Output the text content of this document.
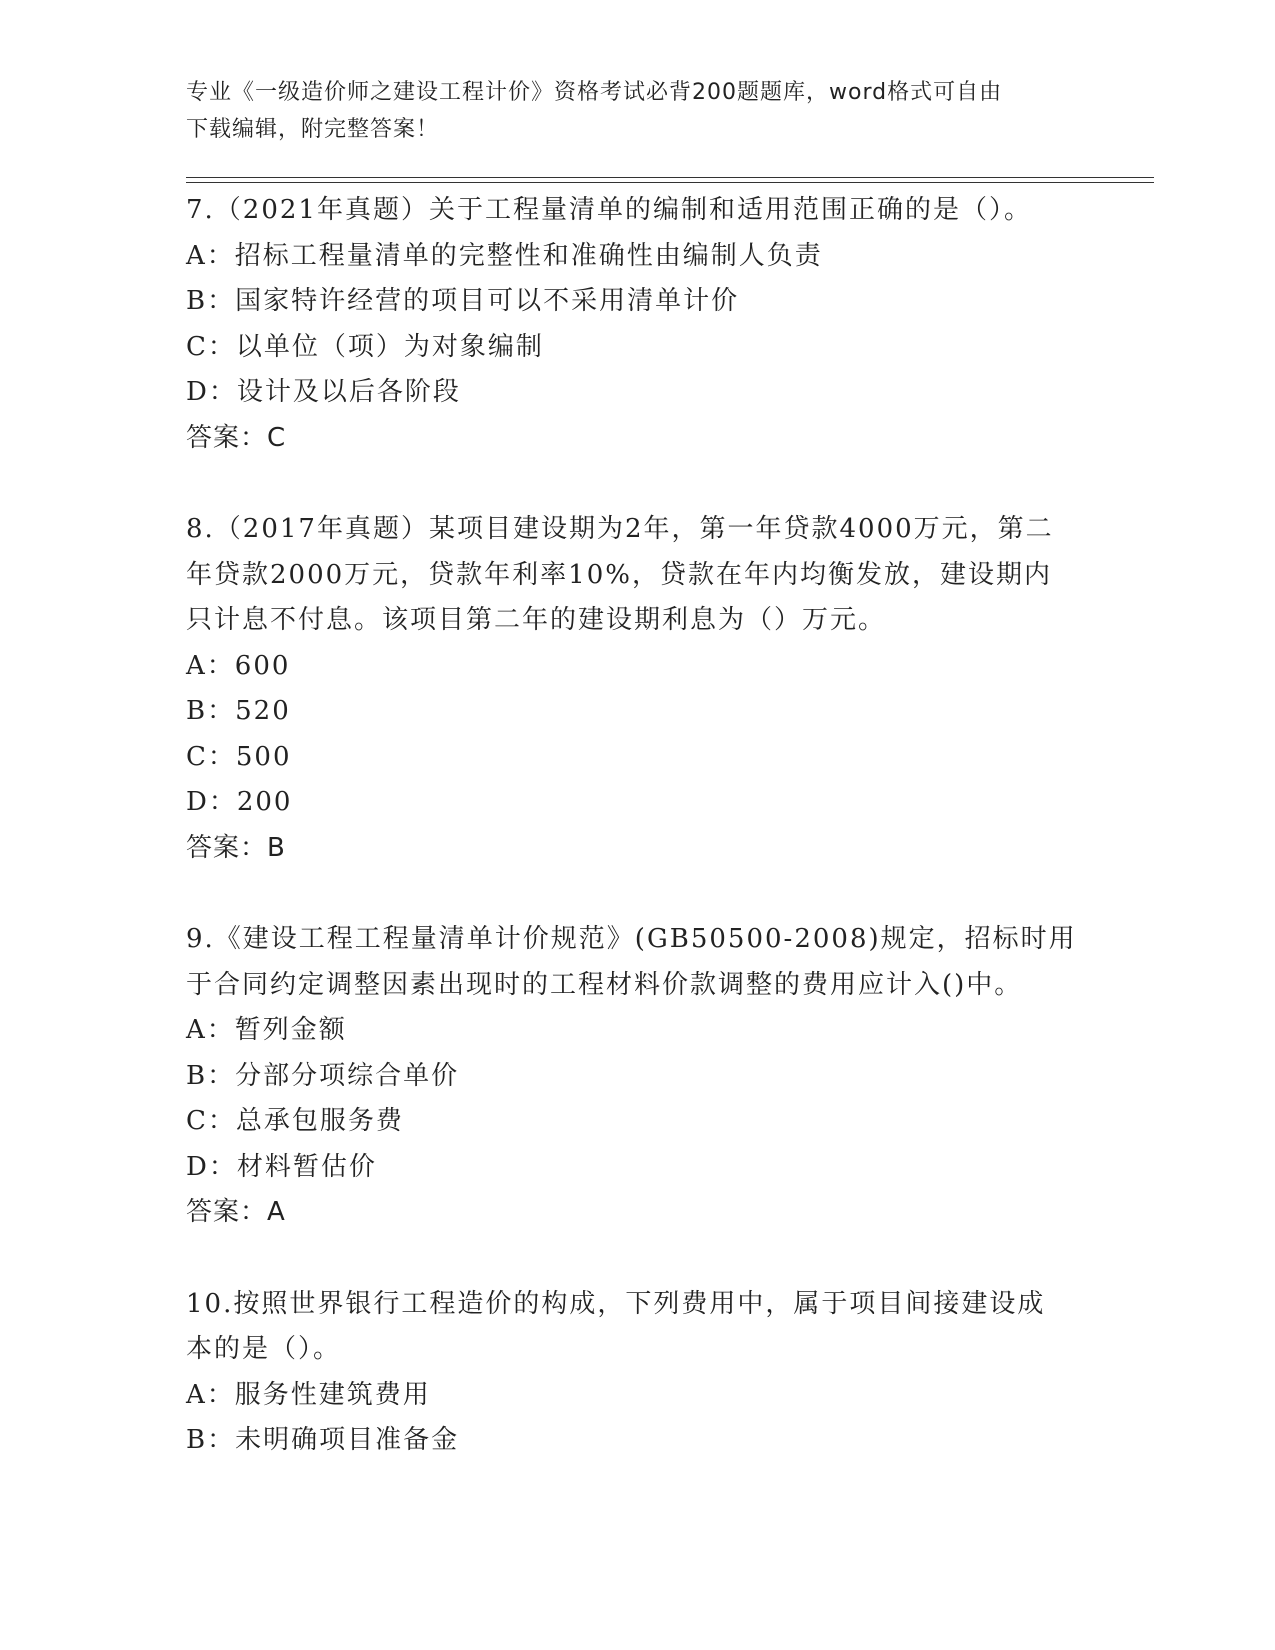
专业《一级造价师之建设工程计价》资格考试必背200题题库，word格式可自由
下载编辑，附完整答案！

7.（2021年真题）关于工程量清单的编制和适用范围正确的是（）。

A：招标工程量清单的完整性和准确性由编制人负责

B：国家特许经营的项目可以不采用清单计价

C：以单位（项）为对象编制

D：设计及以后各阶段

答案：C

8.（2017年真题）某项目建设期为2年，第一年贷款4000万元，第二

年贷款2000万元，贷款年利率10%，贷款在年内均衡发放，建设期内

只计息不付息。该项目第二年的建设期利息为（）万元。

A：600

B：520

C：500

D：200

答案：B

9.《建设工程工程量清单计价规范》(GB50500-2008)规定，招标时用

于合同约定调整因素出现时的工程材料价款调整的费用应计入()中。

A：暂列金额

B：分部分项综合单价

C：总承包服务费

D：材料暂估价

答案：A

10.按照世界银行工程造价的构成，下列费用中，属于项目间接建设成

本的是（）。

A：服务性建筑费用

B：未明确项目准备金
